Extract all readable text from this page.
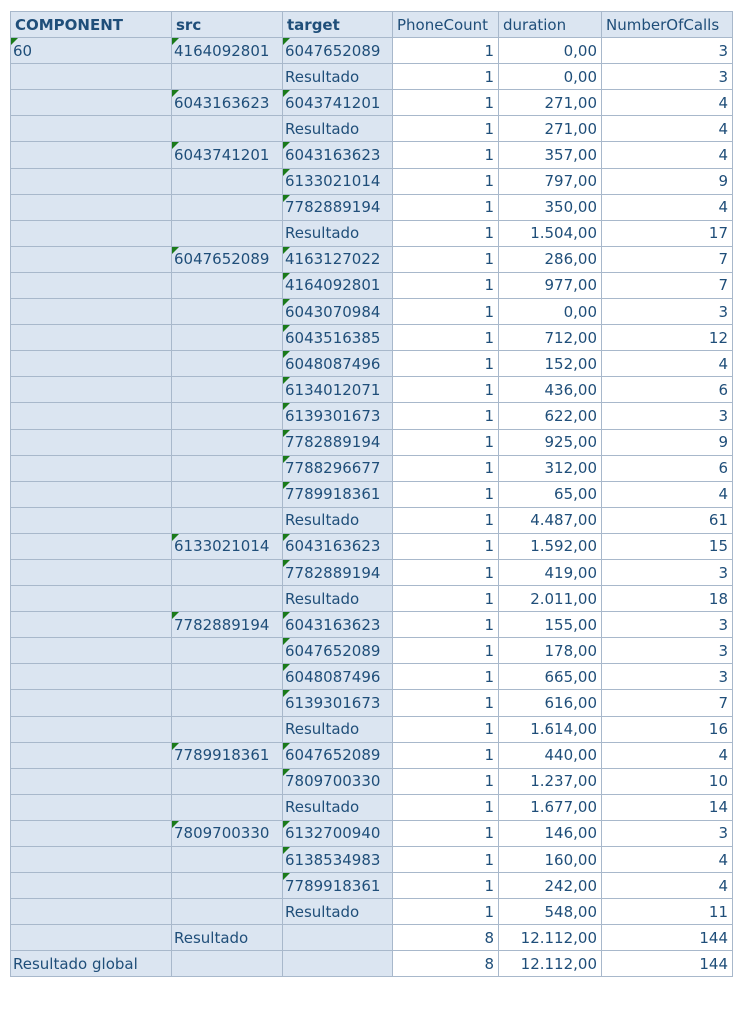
COMPONENT	src	target	PhoneCount	duration	NumberOfCalls
60	4164092801	6047652089	1	0,00	3
		Resultado	1	0,00	3
	6043163623	6043741201	1	271,00	4
		Resultado	1	271,00	4
	6043741201	6043163623	1	357,00	4
		6133021014	1	797,00	9
		7782889194	1	350,00	4
		Resultado	1	1.504,00	17
	6047652089	4163127022	1	286,00	7
		4164092801	1	977,00	7
		6043070984	1	0,00	3
		6043516385	1	712,00	12
		6048087496	1	152,00	4
		6134012071	1	436,00	6
		6139301673	1	622,00	3
		7782889194	1	925,00	9
		7788296677	1	312,00	6
		7789918361	1	65,00	4
		Resultado	1	4.487,00	61
	6133021014	6043163623	1	1.592,00	15
		7782889194	1	419,00	3
		Resultado	1	2.011,00	18
	7782889194	6043163623	1	155,00	3
		6047652089	1	178,00	3
		6048087496	1	665,00	3
		6139301673	1	616,00	7
		Resultado	1	1.614,00	16
	7789918361	6047652089	1	440,00	4
		7809700330	1	1.237,00	10
		Resultado	1	1.677,00	14
	7809700330	6132700940	1	146,00	3
		6138534983	1	160,00	4
		7789918361	1	242,00	4
		Resultado	1	548,00	11
	Resultado		8	12.112,00	144
Resultado global			8	12.112,00	144
